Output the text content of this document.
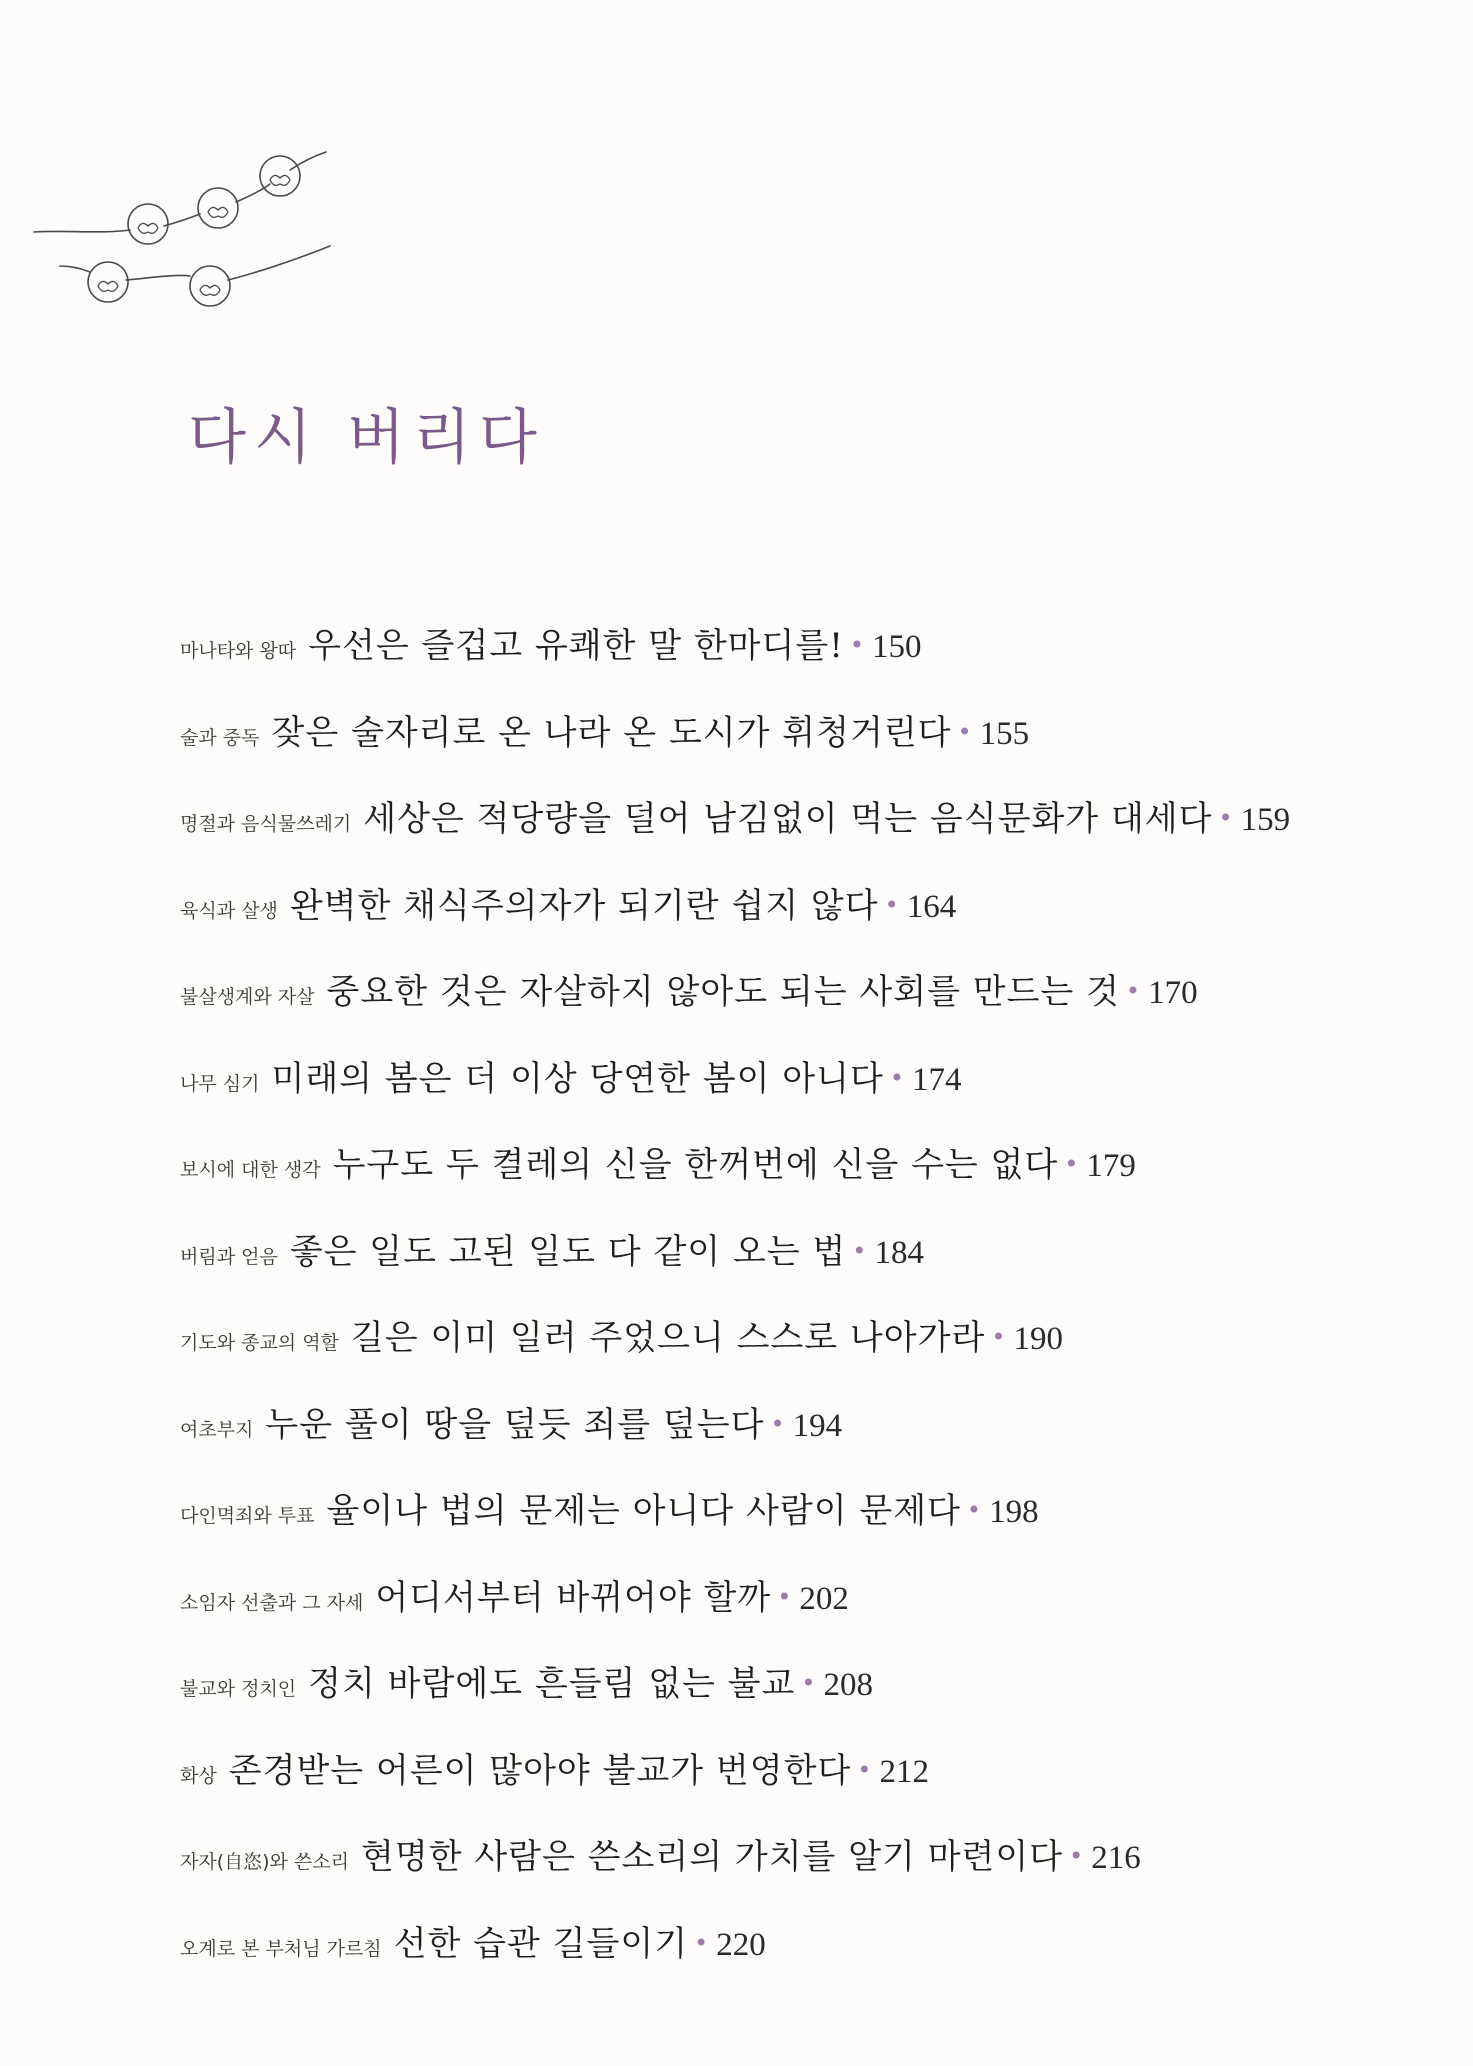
다시 버리다
마나타와 왕따 우선은 즐겁고 유쾌한 말 한마디를! • 150
술과 중독 잦은 술자리로 온 나라 온 도시가 휘청거린다 • 155
명절과 음식물쓰레기 세상은 적당량을 덜어 남김없이 먹는 음식문화가 대세다 • 159
육식과 살생 완벽한 채식주의자가 되기란 쉽지 않다 • 164
불살생계와 자살 중요한 것은 자살하지 않아도 되는 사회를 만드는 것 • 170
나무 심기 미래의 봄은 더 이상 당연한 봄이 아니다 • 174
보시에 대한 생각 누구도 두 켤레의 신을 한꺼번에 신을 수는 없다 • 179
버림과 얻음 좋은 일도 고된 일도 다 같이 오는 법 • 184
기도와 종교의 역할 길은 이미 일러 주었으니 스스로 나아가라 • 190
여초부지 누운 풀이 땅을 덮듯 죄를 덮는다 • 194
다인멱죄와 투표 율이나 법의 문제는 아니다 사람이 문제다 • 198
소임자 선출과 그 자세 어디서부터 바뀌어야 할까 • 202
불교와 정치인 정치 바람에도 흔들림 없는 불교 • 208
화상 존경받는 어른이 많아야 불교가 번영한다 • 212
자자(自恣)와 쓴소리 현명한 사람은 쓴소리의 가치를 알기 마련이다 • 216
오계로 본 부처님 가르침 선한 습관 길들이기 • 220
